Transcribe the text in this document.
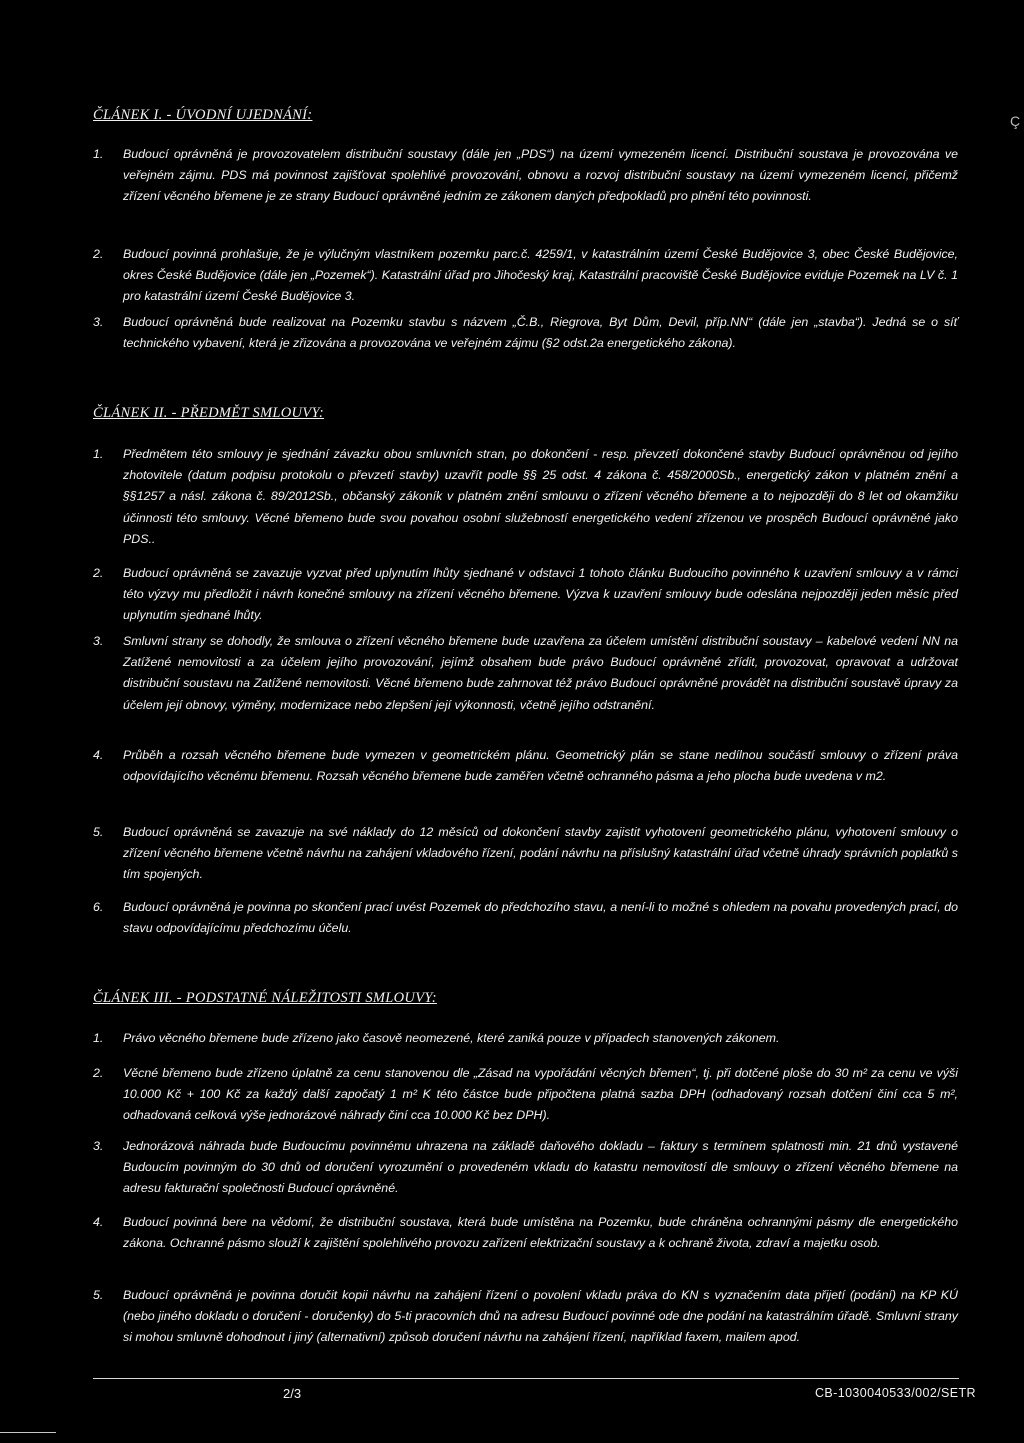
Ç
ČLÁNEK I. - ÚVODNÍ UJEDNÁNÍ:
1. Budoucí oprávněná je provozovatelem distribuční soustavy (dále jen „PDS“) na území vymezeném licencí. Distribuční soustava je provozována ve veřejném zájmu. PDS má povinnost zajišťovat spolehlivé provozování, obnovu a rozvoj distribuční soustavy na území vymezeném licencí, přičemž zřízení věcného břemene je ze strany Budoucí oprávněné jedním ze zákonem daných předpokladů pro plnění této povinnosti.
2. Budoucí povinná prohlašuje, že je výlučným vlastníkem pozemku parc.č. 4259/1, v katastrálním území České Budějovice 3, obec České Budějovice, okres České Budějovice (dále jen „Pozemek“). Katastrální úřad pro Jihočeský kraj, Katastrální pracoviště České Budějovice eviduje Pozemek na LV č. 1 pro katastrální území České Budějovice 3.
3. Budoucí oprávněná bude realizovat na Pozemku stavbu s názvem „Č.B., Riegrova, Byt Dům, Devil, příp.NN“ (dále jen „stavba“). Jedná se o síť technického vybavení, která je zřizována a provozována ve veřejném zájmu (§2 odst.2a energetického zákona).
ČLÁNEK II. - PŘEDMĚT SMLOUVY:
1. Předmětem této smlouvy je sjednání závazku obou smluvních stran, po dokončení - resp. převzetí dokončené stavby Budoucí oprávněnou od jejího zhotovitele (datum podpisu protokolu o převzetí stavby) uzavřít podle §§ 25 odst. 4 zákona č. 458/2000Sb., energetický zákon v platném znění a §§1257 a násl. zákona č. 89/2012Sb., občanský zákoník v platném znění smlouvu o zřízení věcného břemene a to nejpozději do 8 let od okamžiku účinnosti této smlouvy. Věcné břemeno bude svou povahou osobní služebností energetického vedení zřízenou ve prospěch Budoucí oprávněné jako PDS..
2. Budoucí oprávněná se zavazuje vyzvat před uplynutím lhůty sjednané v odstavci 1 tohoto článku Budoucího povinného k uzavření smlouvy a v rámci této výzvy mu předložit i návrh konečné smlouvy na zřízení věcného břemene. Výzva k uzavření smlouvy bude odeslána nejpozději jeden měsíc před uplynutím sjednané lhůty.
3. Smluvní strany se dohodly, že smlouva o zřízení věcného břemene bude uzavřena za účelem umístění distribuční soustavy – kabelové vedení NN na Zatížené nemovitosti a za účelem jejího provozování, jejímž obsahem bude právo Budoucí oprávněné zřídit, provozovat, opravovat a udržovat distribuční soustavu na Zatížené nemovitosti. Věcné břemeno bude zahrnovat též právo Budoucí oprávněné provádět na distribuční soustavě úpravy za účelem její obnovy, výměny, modernizace nebo zlepšení její výkonnosti, včetně jejího odstranění.
4. Průběh a rozsah věcného břemene bude vymezen v geometrickém plánu. Geometrický plán se stane nedílnou součástí smlouvy o zřízení práva odpovídajícího věcnému břemenu. Rozsah věcného břemene bude zaměřen včetně ochranného pásma a jeho plocha bude uvedena v m2.
5. Budoucí oprávněná se zavazuje na své náklady do 12 měsíců od dokončení stavby zajistit vyhotovení geometrického plánu, vyhotovení smlouvy o zřízení věcného břemene včetně návrhu na zahájení vkladového řízení, podání návrhu na příslušný katastrální úřad včetně úhrady správních poplatků s tím spojených.
6. Budoucí oprávněná je povinna po skončení prací uvést Pozemek do předchozího stavu, a není-li to možné s ohledem na povahu provedených prací, do stavu odpovídajícímu předchozímu účelu.
ČLÁNEK III. - PODSTATNÉ NÁLEŽITOSTI SMLOUVY:
1. Právo věcného břemene bude zřízeno jako časově neomezené, které zaniká pouze v případech stanovených zákonem.
2. Věcné břemeno bude zřízeno úplatně za cenu stanovenou dle „Zásad na vypořádání věcných břemen“, tj. při dotčené ploše do 30 m² za cenu ve výši 10.000 Kč + 100 Kč za každý další započatý 1 m² K této částce bude připočtena platná sazba DPH (odhadovaný rozsah dotčení činí cca 5 m², odhadovaná celková výše jednorázové náhrady činí cca 10.000 Kč bez DPH).
3. Jednorázová náhrada bude Budoucímu povinnému uhrazena na základě daňového dokladu – faktury s termínem splatnosti min. 21 dnů vystavené Budoucím povinným do 30 dnů od doručení vyrozumění o provedeném vkladu do katastru nemovitostí dle smlouvy o zřízení věcného břemene na adresu fakturační společnosti Budoucí oprávněné.
4. Budoucí povinná bere na vědomí, že distribuční soustava, která bude umístěna na Pozemku, bude chráněna ochrannými pásmy dle energetického zákona. Ochranné pásmo slouží k zajištění spolehlivého provozu zařízení elektrizační soustavy a k ochraně života, zdraví a majetku osob.
5. Budoucí oprávněná je povinna doručit kopii návrhu na zahájení řízení o povolení vkladu práva do KN s vyznačením data přijetí (podání) na KP KÚ (nebo jiného dokladu o doručení - doručenky) do 5-ti pracovních dnů na adresu Budoucí povinné ode dne podání na katastrálním úřadě. Smluvní strany si mohou smluvně dohodnout i jiný (alternativní) způsob doručení návrhu na zahájení řízení, například faxem, mailem apod.
2/3	CB-1030040533/002/SETR
